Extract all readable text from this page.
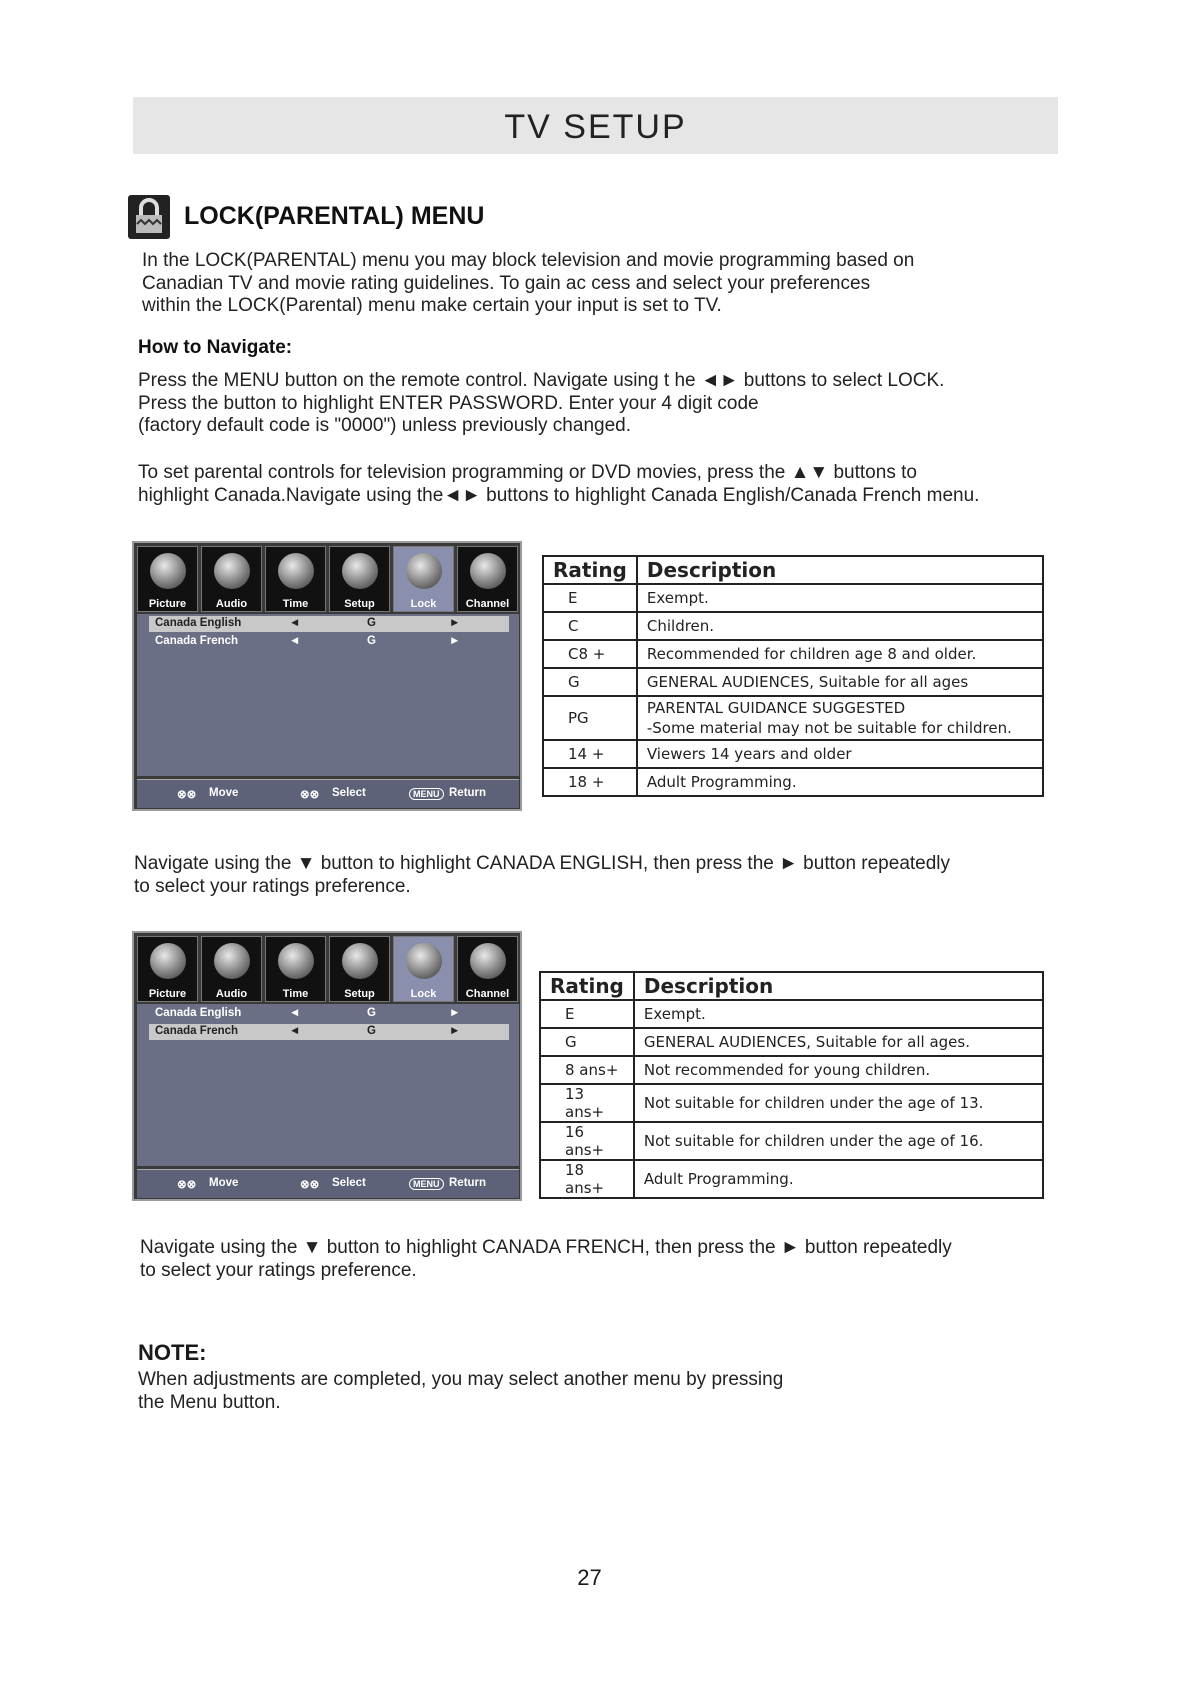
TV SETUP
LOCK(PARENTAL) MENU

In the LOCK(PARENTAL) menu you may block television and movie programming based on

Canadian TV and movie rating guidelines. To gain ac cess and select your preferences

within the LOCK(Parental) menu make certain your input is set to TV.

How to Navigate:

Press the MENU button on the remote control. Navigate using t he ◄► buttons to select LOCK.

Press the button to highlight ENTER PASSWORD. Enter your 4 digit code

(factory default code is "0000") unless previously changed.

To set parental controls for television programming or DVD movies, press the ▲▼ buttons to

highlight Canada.Navigate using the◄► buttons to highlight Canada English/Canada French menu.

Picture	Audio	Time	Setup	Lock	Channel
Canada English	◄	G	►
Canada French	◄	G	►
⊗⊗ Move	⊗⊗ Select	MENU Return
Rating	Description
E	Exempt.
C	Children.
C8 +	Recommended for children age 8 and older.
G	GENERAL AUDIENCES, Suitable for all ages
PG	PARENTAL GUIDANCE SUGGESTED
-Some material may not be suitable for children.

14 +	Viewers 14 years and older
18 +	Adult Programming.

Navigate using the ▼ button to highlight CANADA ENGLISH, then press the ► button repeatedly

to select your ratings preference.

Picture	Audio	Time	Setup	Lock	Channel
Canada English	◄	G	►
Canada French	◄	G	►
⊗⊗ Move	⊗⊗ Select	MENU Return
Rating	Description
E	Exempt.
G	GENERAL AUDIENCES, Suitable for all ages.
8 ans+	Not recommended for young children.
13 ans+	Not suitable for children under the age of 13.
16 ans+	Not suitable for children under the age of 16.
18 ans+	Adult Programming.

Navigate using the ▼ button to highlight CANADA FRENCH, then press the ► button repeatedly

to select your ratings preference.

NOTE:

When adjustments are completed, you may select another menu by pressing

the Menu button.

27
